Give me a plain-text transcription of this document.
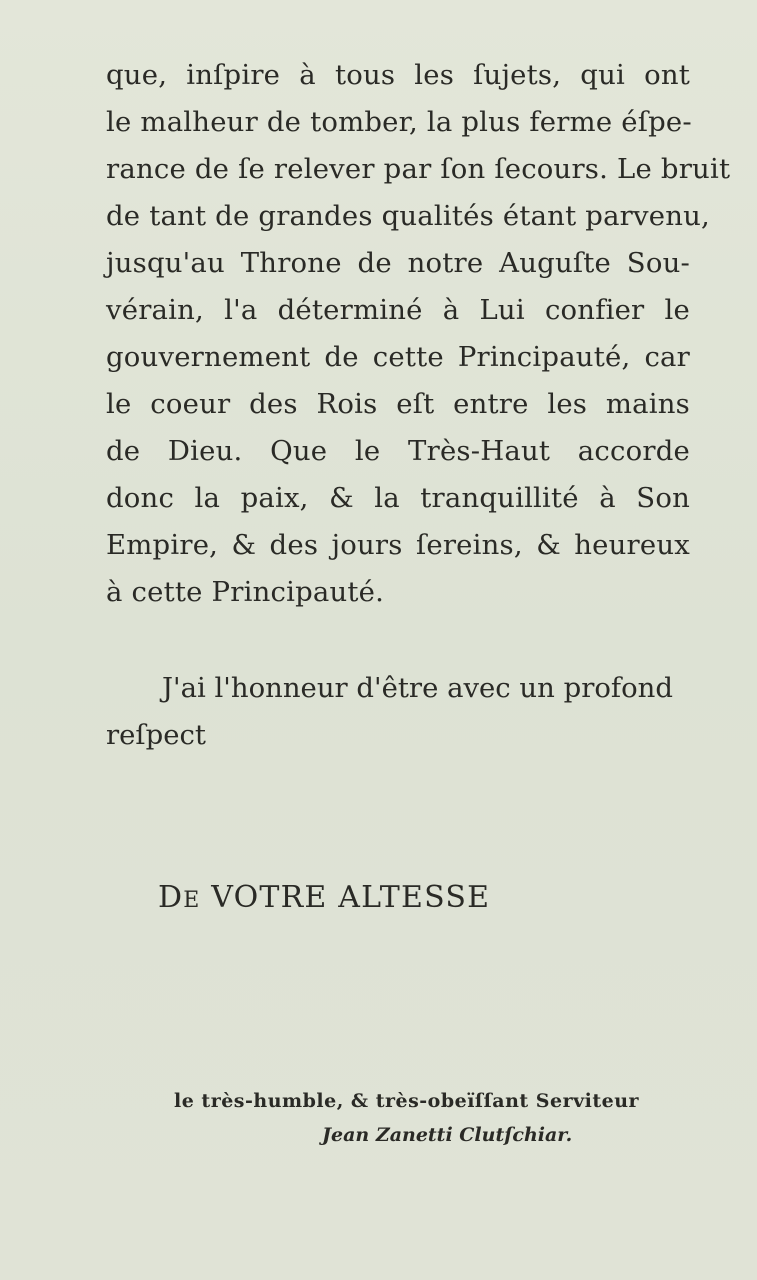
que, inſpire à tous les ſujets, qui ont
le malheur de tomber, la plus ferme éſpe-
rance de ſe relever par ſon ſecours. Le bruit
de tant de grandes qualités étant parvenu,
jusqu'au Throne de notre Auguſte Sou-
vérain, l'a déterminé à Lui confier le
gouvernement de cette Principauté, car
le coeur des Rois eſt entre les mains
de Dieu. Que le Très-Haut accorde
donc la paix, & la tranquillité à Son
Empire, & des jours ſereins, & heureux
à cette Principauté.
J'ai l'honneur d'être avec un profond
reſpect
DE VOTRE ALTESSE
le très-humble, & très-obeïſſant Serviteur
Jean Zanetti Clutſchiar.
